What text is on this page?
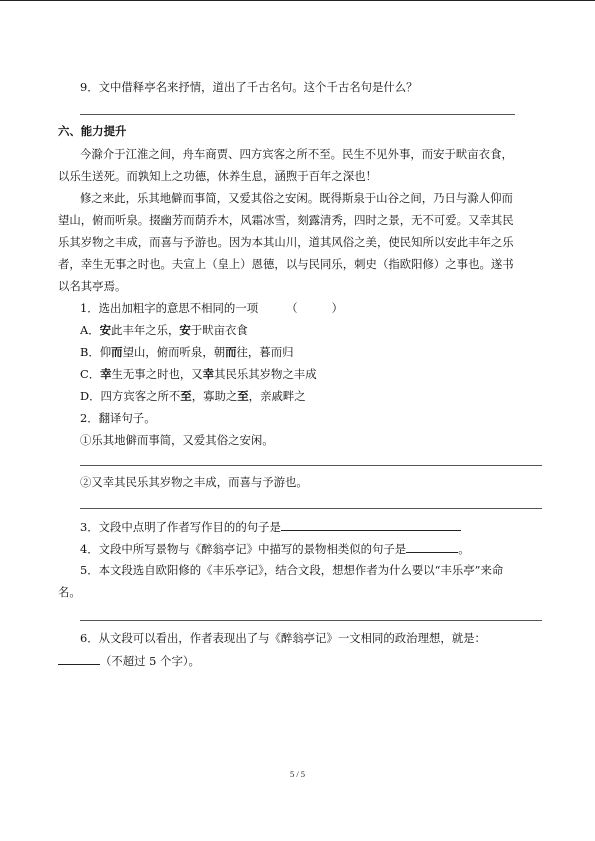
9．文中借释亭名来抒情，道出了千古名句。这个千古名句是什么？
六、能力提升
今滁介于江淮之间，舟车商贾、四方宾客之所不至。民生不见外事，而安于畎亩衣食，
以乐生送死。而孰知上之功德，休养生息，涵煦于百年之深也！
修之来此，乐其地僻而事简，又爱其俗之安闲。既得斯泉于山谷之间，乃日与滁人仰而
望山，俯而听泉。掇幽芳而荫乔木，风霜冰雪，刻露清秀，四时之景，无不可爱。又幸其民
乐其岁物之丰成，而喜与予游也。因为本其山川，道其风俗之美，使民知所以安此丰年之乐
者，幸生无事之时也。夫宣上（皇上）恩德，以与民同乐，刺史（指欧阳修）之事也。遂书
以名其亭焉。
1．选出加粗字的意思不相同的一项 （　　　）
A．安此丰年之乐，安于畎亩衣食
B．仰而望山，俯而听泉，朝而往，暮而归
C．幸生无事之时也，又幸其民乐其岁物之丰成
D．四方宾客之所不至，寡助之至，亲戚畔之
2．翻译句子。
①乐其地僻而事简，又爱其俗之安闲。
②又幸其民乐其岁物之丰成，而喜与予游也。
3．文段中点明了作者写作目的的句子是
4．文段中所写景物与《醉翁亭记》中描写的景物相类似的句子是	。
5．本文段选自欧阳修的《丰乐亭记》，结合文段，想想作者为什么要以“丰乐亭”来命
名。
6．从文段可以看出，作者表现出了与《醉翁亭记》一文相同的政治理想，就是：
（不超过 5 个字）。
5 / 5
